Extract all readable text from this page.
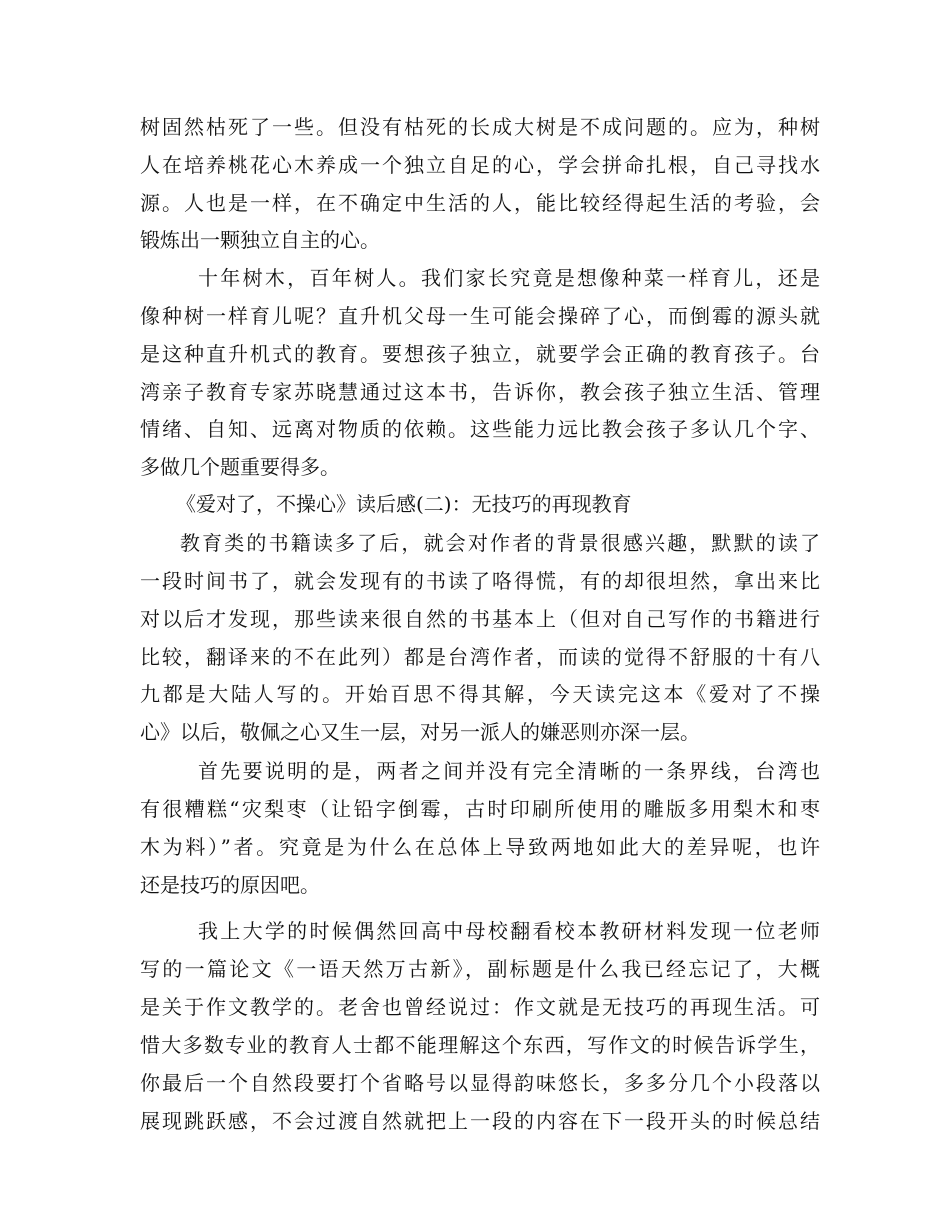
树固然枯死了一些。但没有枯死的长成大树是不成问题的。应为，种树
人在培养桃花心木养成一个独立自足的心，学会拼命扎根，自己寻找水
源。人也是一样，在不确定中生活的人，能比较经得起生活的考验，会
锻炼出一颗独立自主的心。
十年树木，百年树人。我们家长究竟是想像种菜一样育儿，还是
像种树一样育儿呢？直升机父母一生可能会操碎了心，而倒霉的源头就
是这种直升机式的教育。要想孩子独立，就要学会正确的教育孩子。台
湾亲子教育专家苏晓慧通过这本书，告诉你，教会孩子独立生活、管理
情绪、自知、远离对物质的依赖。这些能力远比教会孩子多认几个字、
多做几个题重要得多。
《爱对了，不操心》读后感(二)：无技巧的再现教育
教育类的书籍读多了后，就会对作者的背景很感兴趣，默默的读了
一段时间书了，就会发现有的书读了咯得慌，有的却很坦然，拿出来比
对以后才发现，那些读来很自然的书基本上（但对自己写作的书籍进行
比较，翻译来的不在此列）都是台湾作者，而读的觉得不舒服的十有八
九都是大陆人写的。开始百思不得其解，今天读完这本《爱对了不操
心》以后，敬佩之心又生一层，对另一派人的嫌恶则亦深一层。
首先要说明的是，两者之间并没有完全清晰的一条界线，台湾也
有很糟糕“灾梨枣（让铅字倒霉，古时印刷所使用的雕版多用梨木和枣
木为料）”者。究竟是为什么在总体上导致两地如此大的差异呢，也许
还是技巧的原因吧。
我上大学的时候偶然回高中母校翻看校本教研材料发现一位老师
写的一篇论文《一语天然万古新》，副标题是什么我已经忘记了，大概
是关于作文教学的。老舍也曾经说过：作文就是无技巧的再现生活。可
惜大多数专业的教育人士都不能理解这个东西，写作文的时候告诉学生，
你最后一个自然段要打个省略号以显得韵味悠长，多多分几个小段落以
展现跳跃感，不会过渡自然就把上一段的内容在下一段开头的时候总结
